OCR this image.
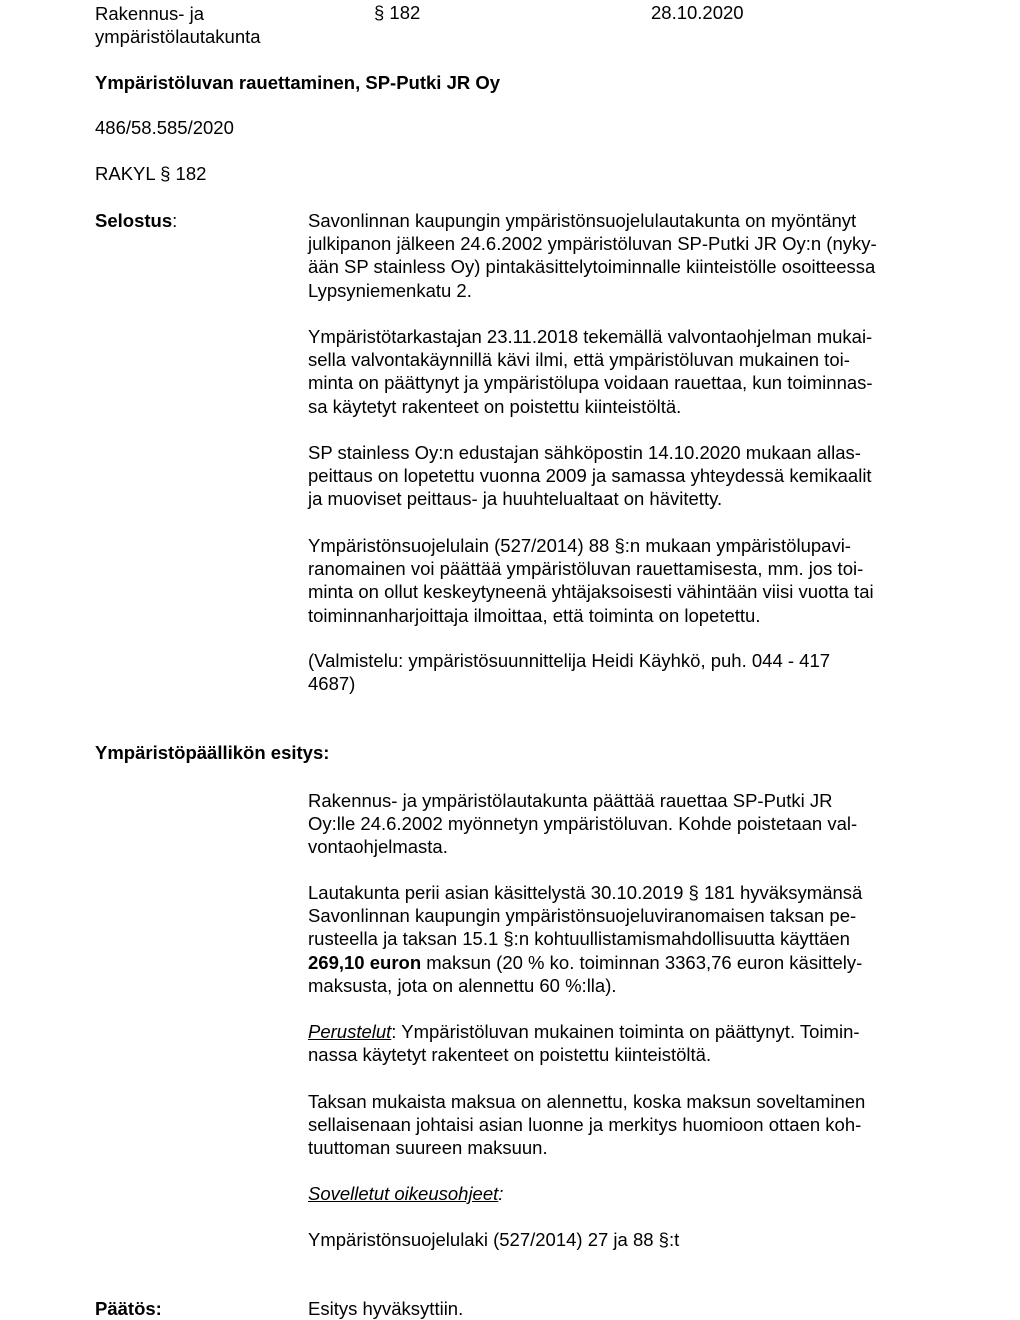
Rakennus- ja
ympäristölautakunta
§ 182	28.10.2020
Ympäristöluvan rauettaminen, SP-Putki JR Oy
486/58.585/2020
RAKYL § 182
Selostus:	Savonlinnan kaupungin ympäristönsuojelulautakunta on myöntänyt

julkipanon jälkeen 24.6.2002 ympäristöluvan SP-Putki JR Oy:n (nyky-

ään SP stainless Oy) pintakäsittelytoiminnalle kiinteistölle osoitteessa

Lypsyniemenkatu 2.

Ympäristötarkastajan 23.11.2018 tekemällä valvontaohjelman mukai-

sella valvontakäynnillä kävi ilmi, että ympäristöluvan mukainen toi-

minta on päättynyt ja ympäristölupa voidaan rauettaa, kun toiminnas-

sa käytetyt rakenteet on poistettu kiinteistöltä.

SP stainless Oy:n edustajan sähköpostin 14.10.2020 mukaan allas-

peittaus on lopetettu vuonna 2009 ja samassa yhteydessä kemikaalit

ja muoviset peittaus- ja huuhtelualtaat on hävitetty.

Ympäristönsuojelulain (527/2014) 88 §:n mukaan ympäristölupavi-

ranomainen voi päättää ympäristöluvan rauettamisesta, mm. jos toi-

minta on ollut keskeytyneenä yhtäjaksoisesti vähintään viisi vuotta tai

toiminnanharjoittaja ilmoittaa, että toiminta on lopetettu.

(Valmistelu: ympäristösuunnittelija Heidi Käyhkö, puh. 044 - 417

4687)

Ympäristöpäällikön esitys:

Rakennus- ja ympäristölautakunta päättää rauettaa SP-Putki JR

Oy:lle 24.6.2002 myönnetyn ympäristöluvan. Kohde poistetaan val-

vontaohjelmasta.

Lautakunta perii asian käsittelystä 30.10.2019 § 181 hyväksymänsä

Savonlinnan kaupungin ympäristönsuojeluviranomaisen taksan pe-

rusteella ja taksan 15.1 §:n kohtuullistamismahdollisuutta käyttäen

269,10 euron maksun (20 % ko. toiminnan 3363,76 euron käsittely-

maksusta, jota on alennettu 60 %:lla).

Perustelut: Ympäristöluvan mukainen toiminta on päättynyt. Toimin-

nassa käytetyt rakenteet on poistettu kiinteistöltä.

Taksan mukaista maksua on alennettu, koska maksun soveltaminen

sellaisenaan johtaisi asian luonne ja merkitys huomioon ottaen koh-

tuuttoman suureen maksuun.

Sovelletut oikeusohjeet:

Ympäristönsuojelulaki (527/2014) 27 ja 88 §:t

Päätös:	Esitys hyväksyttiin.
